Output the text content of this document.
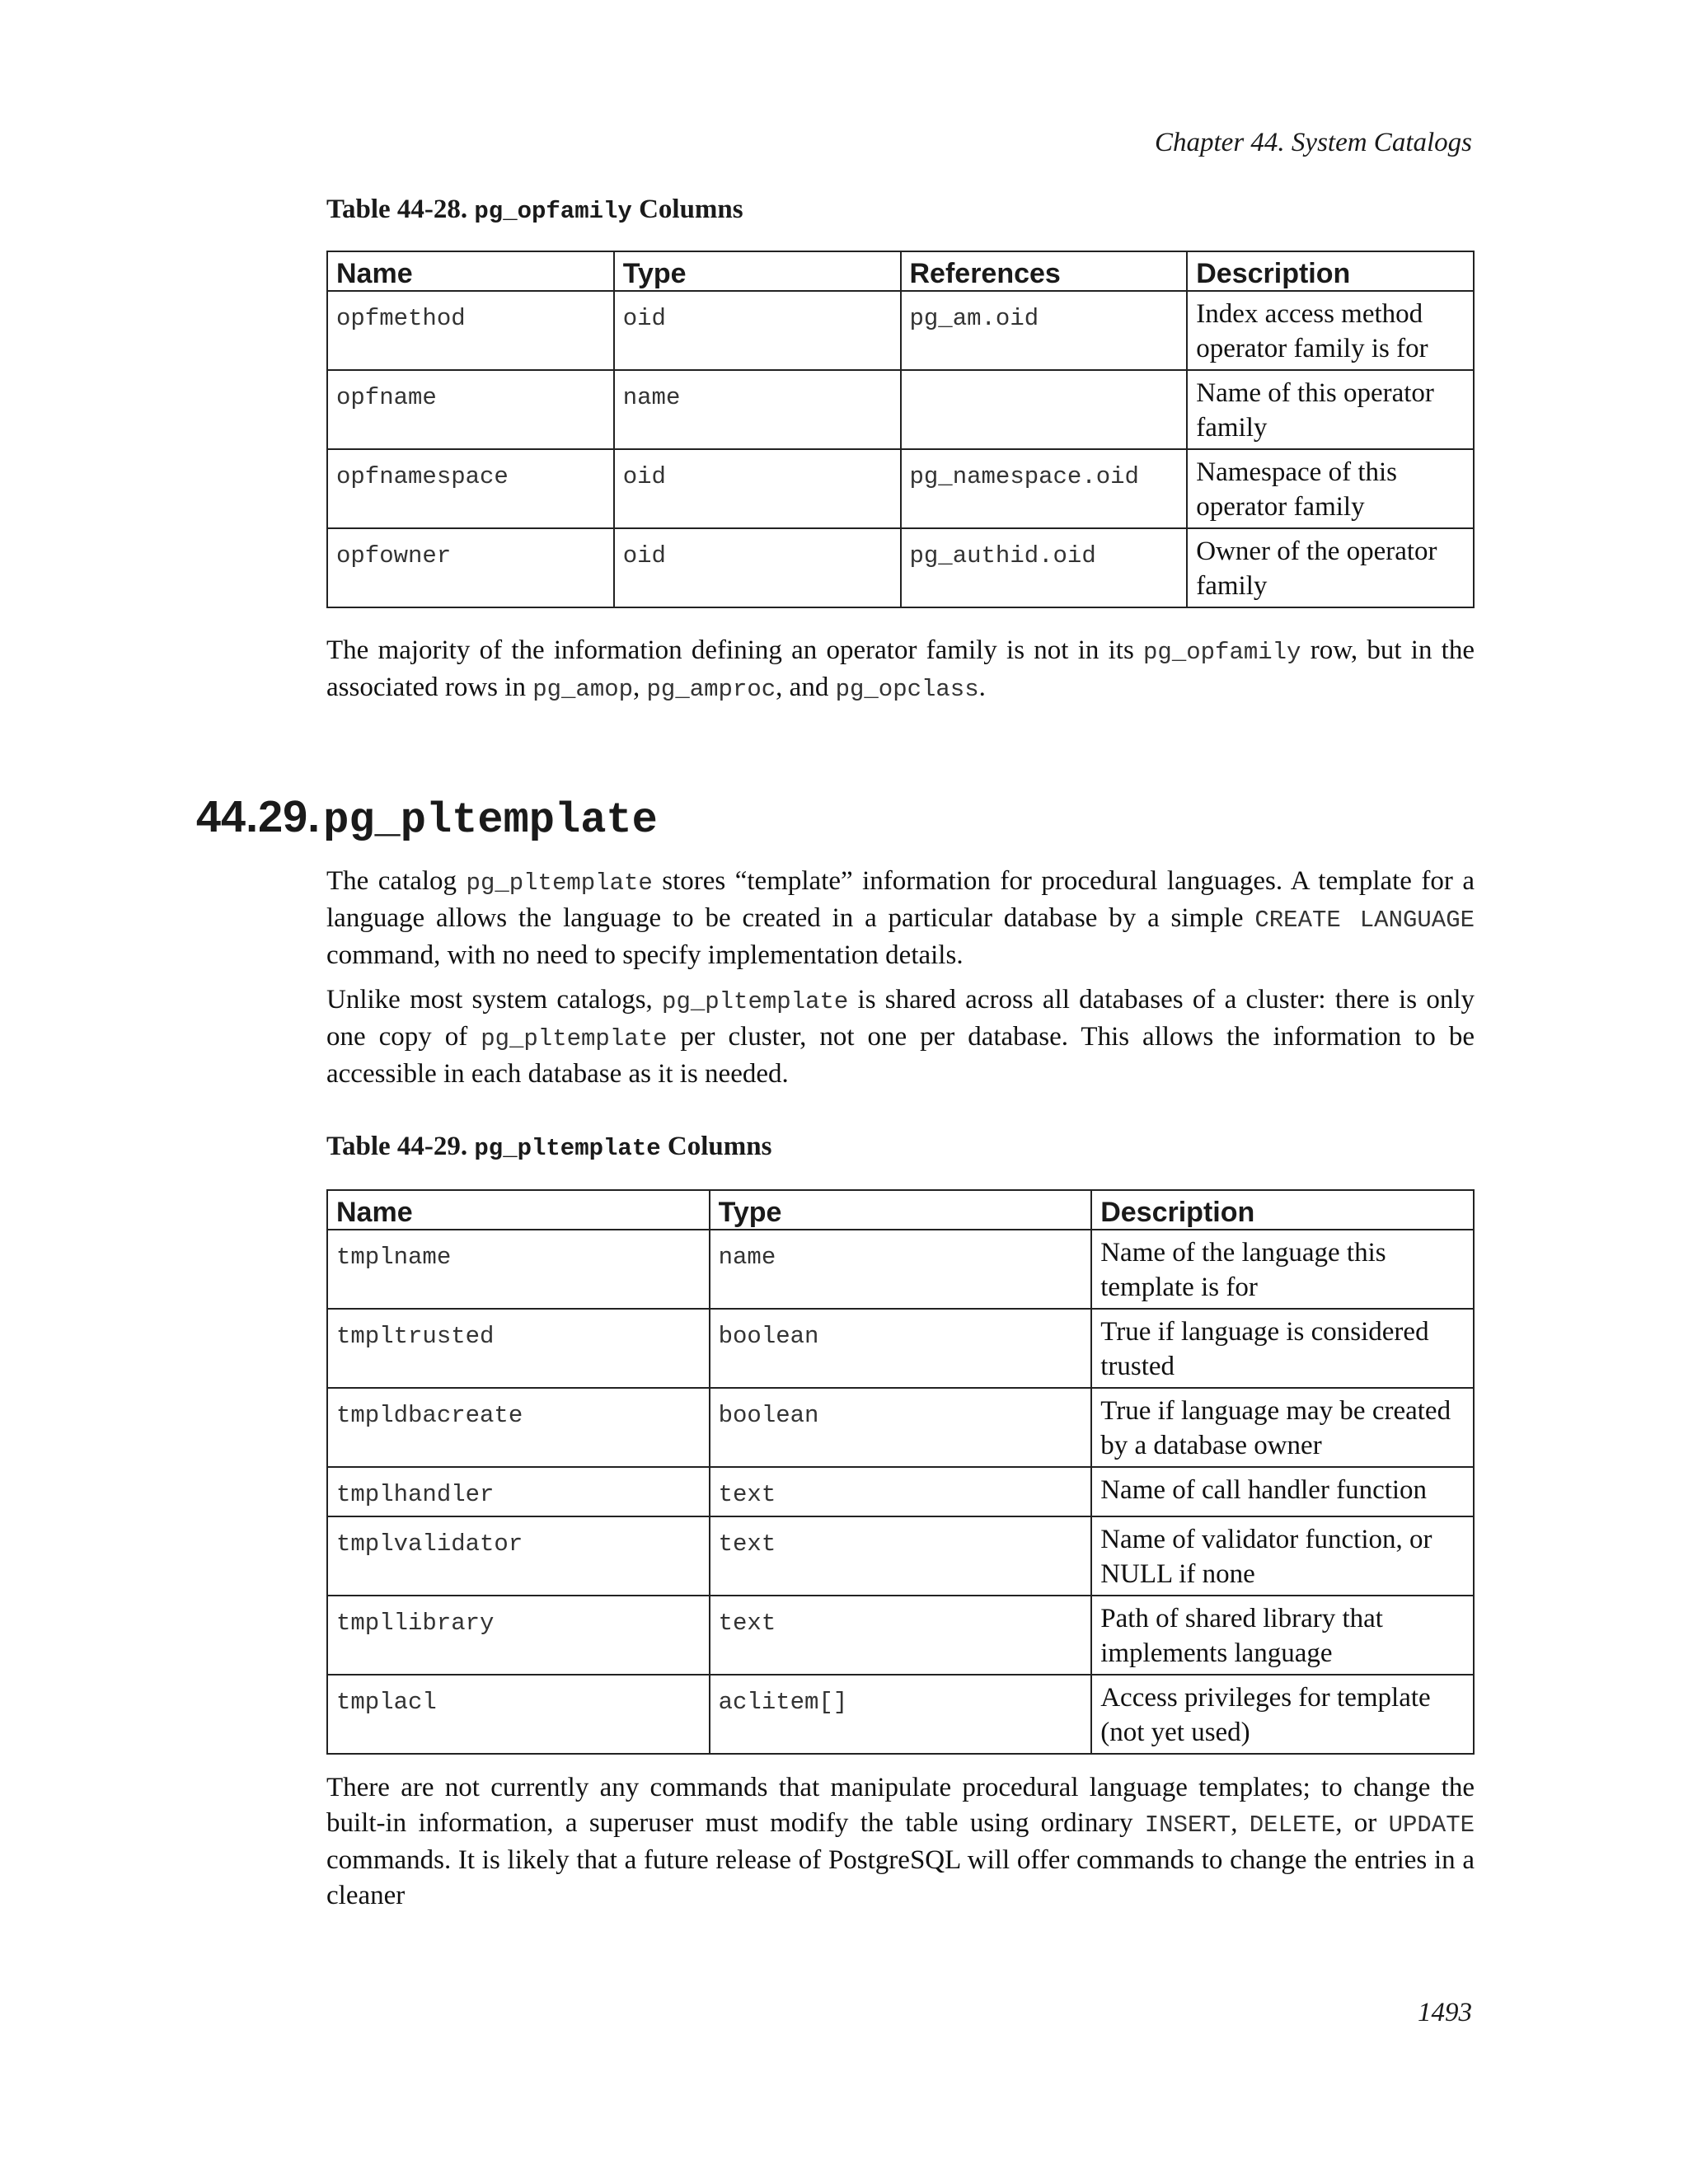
Chapter 44. System Catalogs
Table 44-28. pg_opfamily Columns
Name	Type	References	Description
opfmethod	oid	pg_am.oid	Index access method operator family is for
opfname	name		Name of this operator family
opfnamespace	oid	pg_namespace.oid	Namespace of this operator family
opfowner	oid	pg_authid.oid	Owner of the operator family
The majority of the information defining an operator family is not in its pg_opfamily row, but in the associated rows in pg_amop, pg_amproc, and pg_opclass.
44.29. pg_pltemplate
The catalog pg_pltemplate stores “template” information for procedural languages. A template for a language allows the language to be created in a particular database by a simple CREATE LANGUAGE command, with no need to specify implementation details.
Unlike most system catalogs, pg_pltemplate is shared across all databases of a cluster: there is only one copy of pg_pltemplate per cluster, not one per database. This allows the information to be accessible in each database as it is needed.
Table 44-29. pg_pltemplate Columns
Name	Type	Description
tmplname	name	Name of the language this template is for
tmpltrusted	boolean	True if language is considered trusted
tmpldbacreate	boolean	True if language may be created by a database owner
tmplhandler	text	Name of call handler function
tmplvalidator	text	Name of validator function, or NULL if none
tmpllibrary	text	Path of shared library that implements language
tmplacl	aclitem[]	Access privileges for template (not yet used)
There are not currently any commands that manipulate procedural language templates; to change the built-in information, a superuser must modify the table using ordinary INSERT, DELETE, or UPDATE commands. It is likely that a future release of PostgreSQL will offer commands to change the entries in a cleaner
1493
